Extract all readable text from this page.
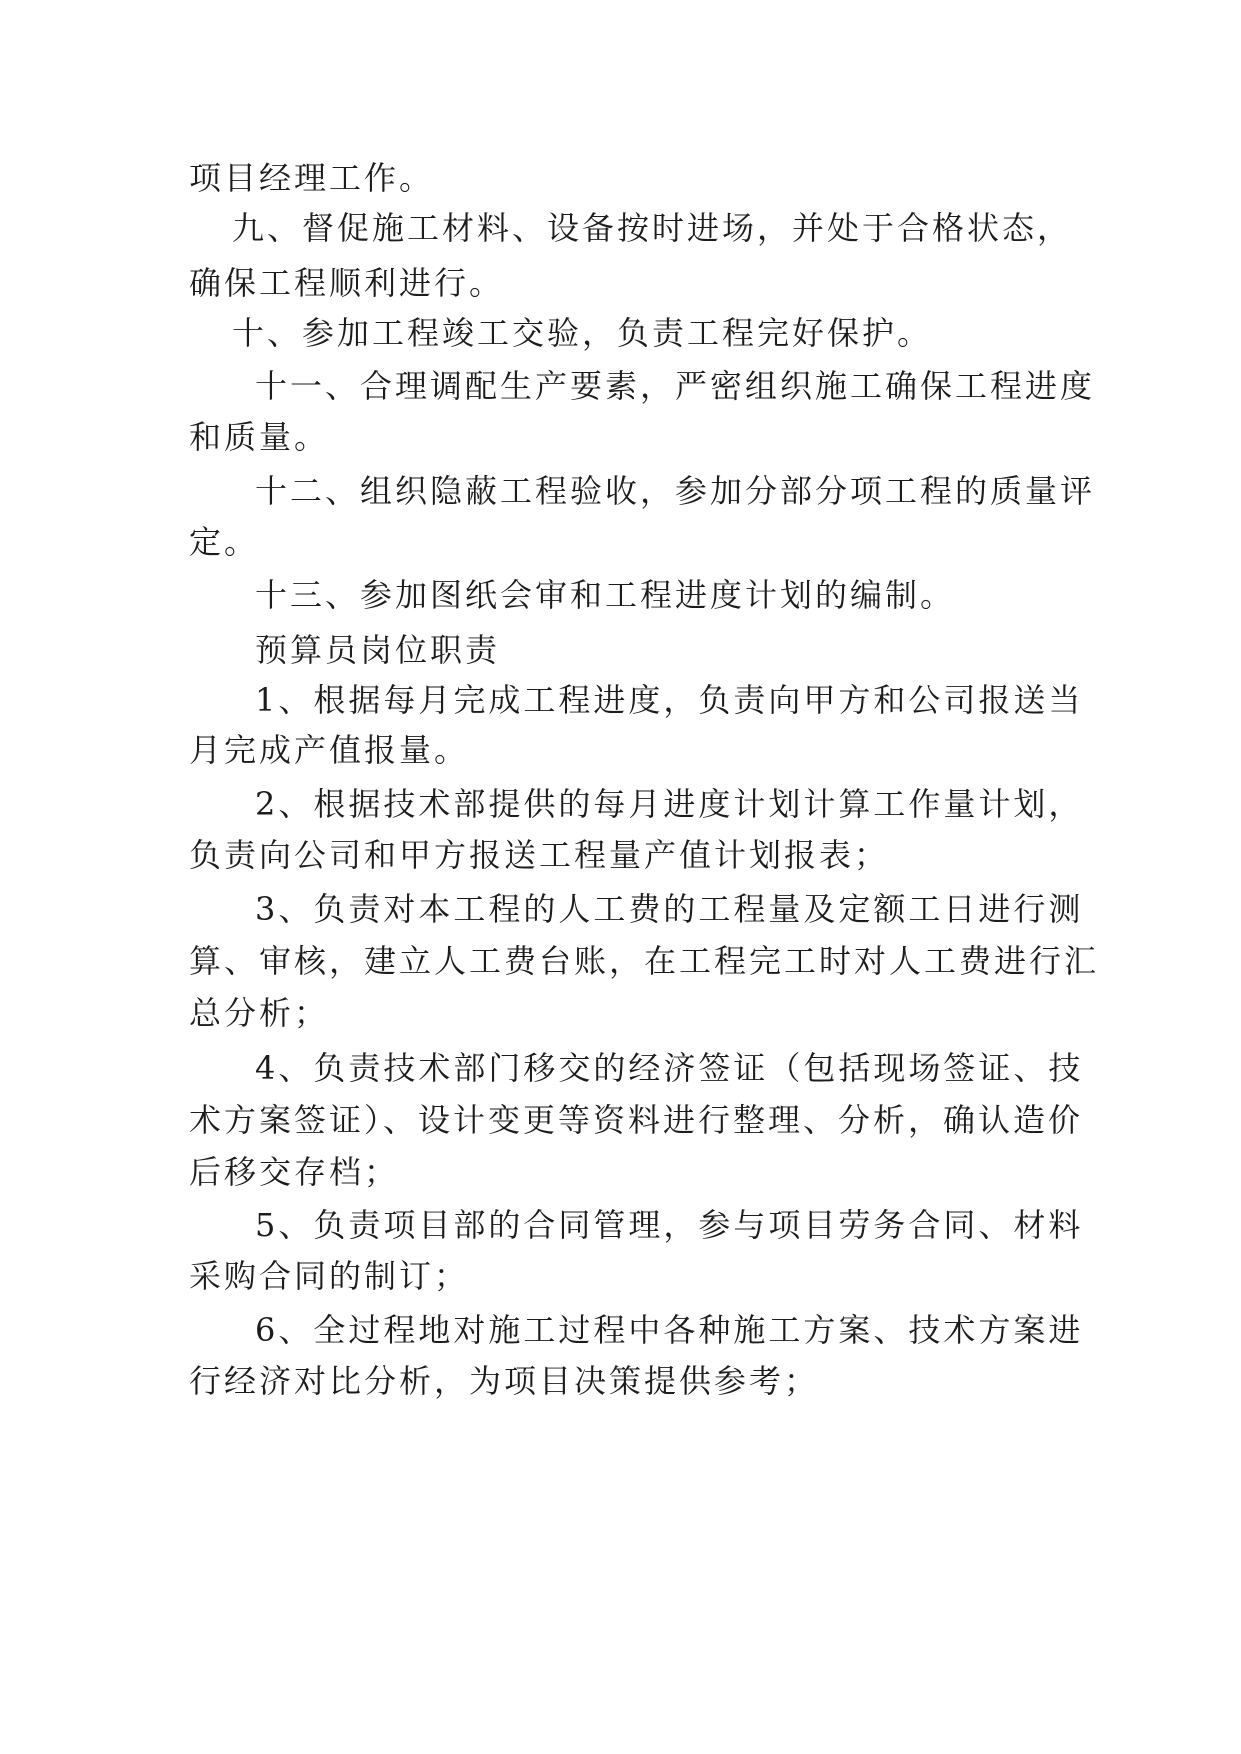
项目经理工作。

九、督促施工材料、设备按时进场，并处于合格状态，

确保工程顺利进行。

十、参加工程竣工交验，负责工程完好保护。

十一、合理调配生产要素，严密组织施工确保工程进度

和质量。

十二、组织隐蔽工程验收，参加分部分项工程的质量评

定。

十三、参加图纸会审和工程进度计划的编制。

预算员岗位职责

1、根据每月完成工程进度，负责向甲方和公司报送当

月完成产值报量。

2、根据技术部提供的每月进度计划计算工作量计划，

负责向公司和甲方报送工程量产值计划报表；

3、负责对本工程的人工费的工程量及定额工日进行测

算、审核，建立人工费台账，在工程完工时对人工费进行汇

总分析；

4、负责技术部门移交的经济签证（包括现场签证、技

术方案签证）、设计变更等资料进行整理、分析，确认造价

后移交存档；

5、负责项目部的合同管理，参与项目劳务合同、材料

采购合同的制订；

6、全过程地对施工过程中各种施工方案、技术方案进

行经济对比分析，为项目决策提供参考；
